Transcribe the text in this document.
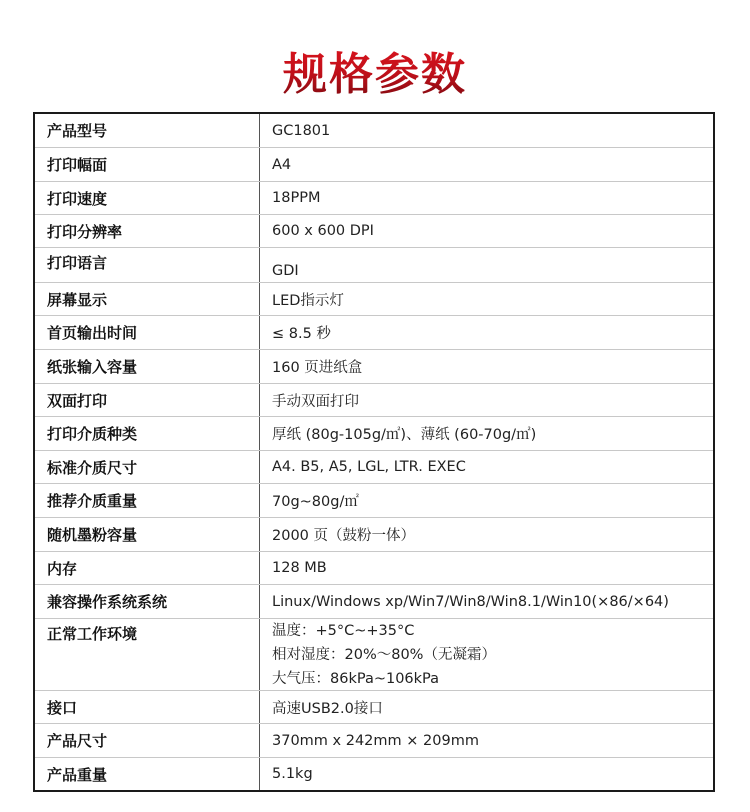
规格参数
产品型号	GC1801
打印幅面	A4
打印速度	18PPM
打印分辨率	600 x 600 DPI
打印语言	GDI
屏幕显示	LED指示灯
首页输出时间	≤ 8.5 秒
纸张输入容量	160 页进纸盒
双面打印	手动双面打印
打印介质种类	厚纸 (80g-105g/㎡)、薄纸 (60-70g/㎡)
标准介质尺寸	A4. B5, A5, LGL, LTR. EXEC
推荐介质重量	70g~80g/㎡
随机墨粉容量	2000 页（鼓粉一体）
内存	128 MB
兼容操作系统系统	Linux/Windows xp/Win7/Win8/Win8.1/Win10(×86/×64)
正常工作环境	温度：+5°C~+35°C
相对湿度：20%～80%（无凝霜）
大气压：86kPa~106kPa
接口	高速USB2.0接口
产品尺寸	370mm x 242mm × 209mm
产品重量	5.1kg
